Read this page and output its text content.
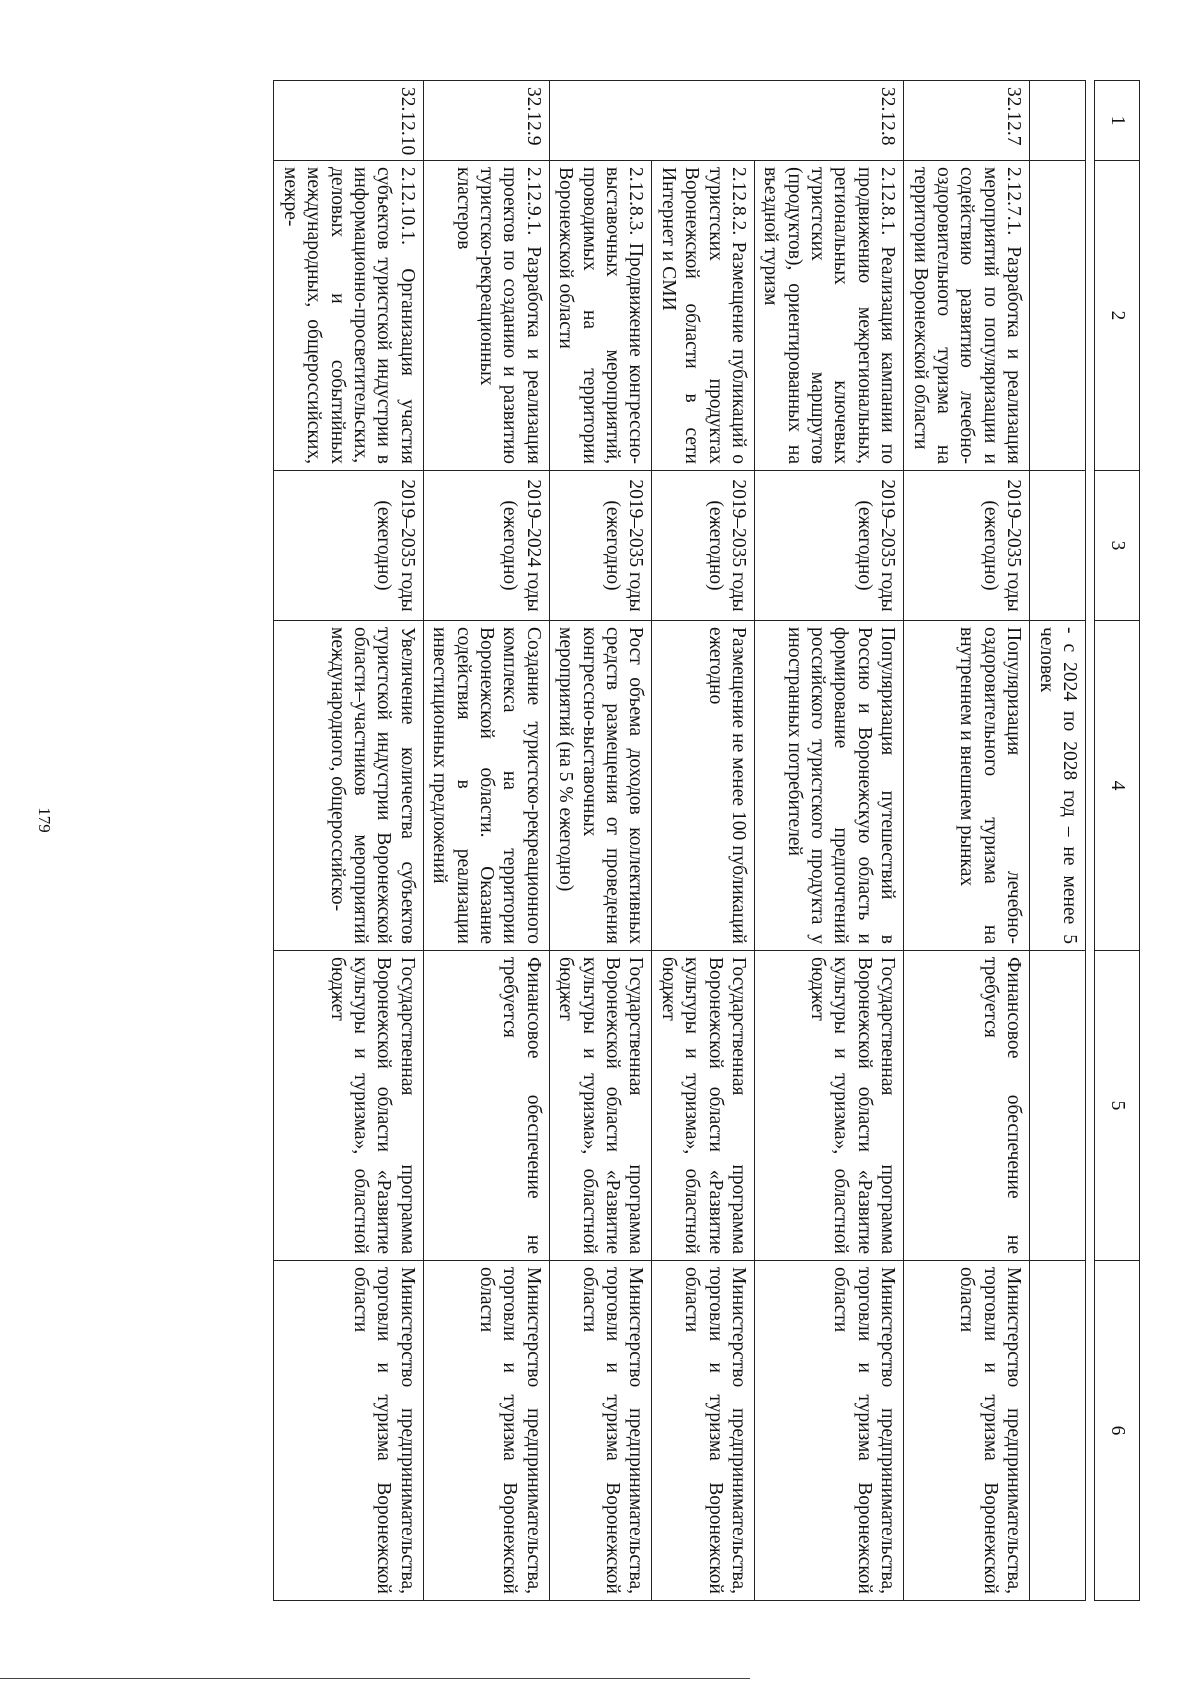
179
1	2	3	4	5	6

			- с 2024 по 2028 год – не менее 5 человек		
32.12.7	2.12.7.1. Разработка и реализация мероприятий по популяризации и содействию развитию лечебно-оздоровительного туризма на территории Воронежской области	2019–2035 годы (ежегодно)	Популяризация лечебно-оздоровительного туризма на внутреннем и внешнем рынках	Финансовое обеспечение не требуется	Министерство предпринимательства, торговли и туризма Воронежской области
32.12.8	2.12.8.1. Реализация кампании по продвижению межрегиональных, региональных ключевых туристских маршрутов (продуктов), ориентированных на въездной туризм	2019–2035 годы (ежегодно)	Популяризация путешествий в Россию и Воронежскую область и формирование предпочтений российского туристского продукта у иностранных потребителей	Государственная программа Воронежской области «Развитие культуры и туризма», областной бюджет	Министерство предпринимательства, торговли и туризма Воронежской области
	2.12.8.2. Размещение публикаций о туристских продуктах Воронежской области в сети Интернет и СМИ	2019–2035 годы (ежегодно)	Размещение не менее 100 публикаций ежегодно	Государственная программа Воронежской области «Развитие культуры и туризма», областной бюджет	Министерство предпринимательства, торговли и туризма Воронежской области
	2.12.8.3. Продвижение конгрессно-выставочных мероприятий, проводимых на территории Воронежской области	2019–2035 годы (ежегодно)	Рост объема доходов коллективных средств размещения от проведения конгрессно-выставочных мероприятий (на 5 % ежегодно)	Государственная программа Воронежской области «Развитие культуры и туризма», областной бюджет	Министерство предпринимательства, торговли и туризма Воронежской области
32.12.9	2.12.9.1. Разработка и реализация проектов по созданию и развитию туристско-рекреационных кластеров	2019–2024 годы (ежегодно)	Создание туристско-рекреационного комплекса на территории Воронежской области. Оказание содействия в реализации инвестиционных предложений	Финансовое обеспечение не требуется	Министерство предпринимательства, торговли и туризма Воронежской области
32.12.10	2.12.10.1. Организация участия субъектов туристской индустрии в информационно-просветительских, деловых и событийных международных, общероссийских, межре-	2019–2035 годы (ежегодно)	Увеличение количества субъектов туристской индустрии Воронежской области–участников мероприятий международного, общероссийско-	Государственная программа Воронежской области «Развитие культуры и туризма», областной бюджет	Министерство предпринимательства, торговли и туризма Воронежской области
